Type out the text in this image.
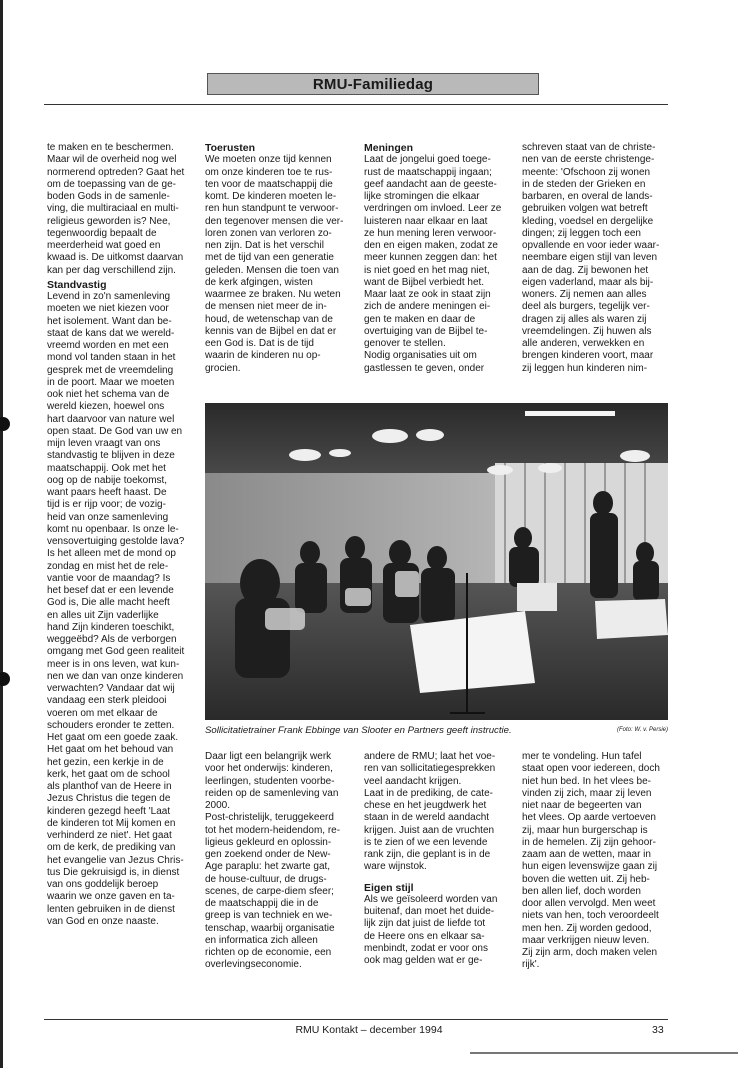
RMU-Familiedag

te maken en te beschermen.
Maar wil de overheid nog wel
normerend optreden? Gaat het
om de toepassing van de ge-
boden Gods in de samenle-
ving, die multiraciaal en multi-
religieus geworden is? Nee,
tegenwoordig bepaalt de
meerderheid wat goed en
kwaad is. De uitkomst daarvan
kan per dag verschillend zijn.

Standvastig

Levend in zo'n samenleving
moeten we niet kiezen voor
het isolement. Want dan be-
staat de kans dat we wereld-
vreemd worden en met een
mond vol tanden staan in het
gesprek met de vreemdeling
in de poort. Maar we moeten
ook niet het schema van de
wereld kiezen, hoewel ons
hart daarvoor van nature wel
open staat. De God van uw en
mijn leven vraagt van ons
standvastig te blijven in deze
maatschappij. Ook met het
oog op de nabije toekomst,
want paars heeft haast. De
tijd is er rijp voor; de vozig-
heid van onze samenleving
komt nu openbaar. Is onze le-
vensovertuiging gestolde lava?
Is het alleen met de mond op
zondag en mist het de rele-
vantie voor de maandag? Is
het besef dat er een levende
God is, Die alle macht heeft
en alles uit Zijn vaderlijke
hand Zijn kinderen toeschikt,
weggeëbd? Als de verborgen
omgang met God geen realiteit
meer is in ons leven, wat kun-
nen we dan van onze kinderen
verwachten? Vandaar dat wij
vandaag een sterk pleidooi
voeren om met elkaar de
schouders eronder te zetten.
Het gaat om een goede zaak.
Het gaat om het behoud van
het gezin, een kerkje in de
kerk, het gaat om de school
als planthof van de Heere in
Jezus Christus die tegen de
kinderen gezegd heeft 'Laat
de kinderen tot Mij komen en
verhinderd ze niet'. Het gaat
om de kerk, de prediking van
het evangelie van Jezus Chris-
tus Die gekruisigd is, in dienst
van ons goddelijk beroep
waarin we onze gaven en ta-
lenten gebruiken in de dienst
van God en onze naaste.

Toerusten

We moeten onze tijd kennen
om onze kinderen toe te rus-
ten voor de maatschappij die
komt. De kinderen moeten le-
ren hun standpunt te verwoor-
den tegenover mensen die ver-
loren zonen van verloren zo-
nen zijn. Dat is het verschil
met de tijd van een generatie
geleden. Mensen die toen van
de kerk afgingen, wisten
waarmee ze braken. Nu weten
de mensen niet meer de in-
houd, de wetenschap van de
kennis van de Bijbel en dat er
een God is. Dat is de tijd
waarin de kinderen nu op-
grocien.

Meningen

Laat de jongelui goed toege-
rust de maatschappij ingaan;
geef aandacht aan de geeste-
lijke stromingen die elkaar
verdringen om invloed. Leer ze
luisteren naar elkaar en laat
ze hun mening leren verwoor-
den en eigen maken, zodat ze
meer kunnen zeggen dan: het
is niet goed en het mag niet,
want de Bijbel verbiedt het.
Maar laat ze ook in staat zijn
zich de andere meningen ei-
gen te maken en daar de
overtuiging van de Bijbel te-
genover te stellen.
Nodig organisaties uit om
gastlessen te geven, onder

schreven staat van de christe-
nen van de eerste christenge-
meente: 'Ofschoon zij wonen
in de steden der Grieken en
barbaren, en overal de lands-
gebruiken volgen wat betreft
kleding, voedsel en dergelijke
dingen; zij leggen toch een
opvallende en voor ieder waar-
neembare eigen stijl van leven
aan de dag. Zij bewonen het
eigen vaderland, maar als bij-
woners. Zij nemen aan alles
deel als burgers, tegelijk ver-
dragen zij alles als waren zij
vreemdelingen. Zij huwen als
alle anderen, verwekken en
brengen kinderen voort, maar
zij leggen hun kinderen nim-

Sollicitatietrainer Frank Ebbinge van Slooter en Partners geeft instructie.	(Foto: W. v. Persie)

Daar ligt een belangrijk werk
voor het onderwijs: kinderen,
leerlingen, studenten voorbe-
reiden op de samenleving van
2000.
Post-christelijk, teruggekeerd
tot het modern-heidendom, re-
ligieus gekleurd en oplossin-
gen zoekend onder de New-
Age paraplu: het zwarte gat,
de house-cultuur, de drugs-
scenes, de carpe-diem sfeer;
de maatschappij die in de
greep is van techniek en we-
tenschap, waarbij organisatie
en informatica zich alleen
richten op de economie, een
overlevingseconomie.

andere de RMU; laat het voe-
ren van sollicitatiegesprekken
veel aandacht krijgen.
Laat in de prediking, de cate-
chese en het jeugdwerk het
staan in de wereld aandacht
krijgen. Juist aan de vruchten
is te zien of we een levende
rank zijn, die geplant is in de
ware wijnstok.

Eigen stijl

Als we geïsoleerd worden van
buitenaf, dan moet het duide-
lijk zijn dat juist de liefde tot
de Heere ons en elkaar sa-
menbindt, zodat er voor ons
ook mag gelden wat er ge-

mer te vondeling. Hun tafel
staat open voor iedereen, doch
niet hun bed. In het vlees be-
vinden zij zich, maar zij leven
niet naar de begeerten van
het vlees. Op aarde vertoeven
zij, maar hun burgerschap is
in de hemelen. Zij zijn gehoor-
zaam aan de wetten, maar in
hun eigen levenswijze gaan zij
boven die wetten uit. Zij heb-
ben allen lief, doch worden
door allen vervolgd. Men weet
niets van hen, toch veroordeelt
men hen. Zij worden gedood,
maar verkrijgen nieuw leven.
Zij zijn arm, doch maken velen
rijk'.

RMU Kontakt – december 1994	33
